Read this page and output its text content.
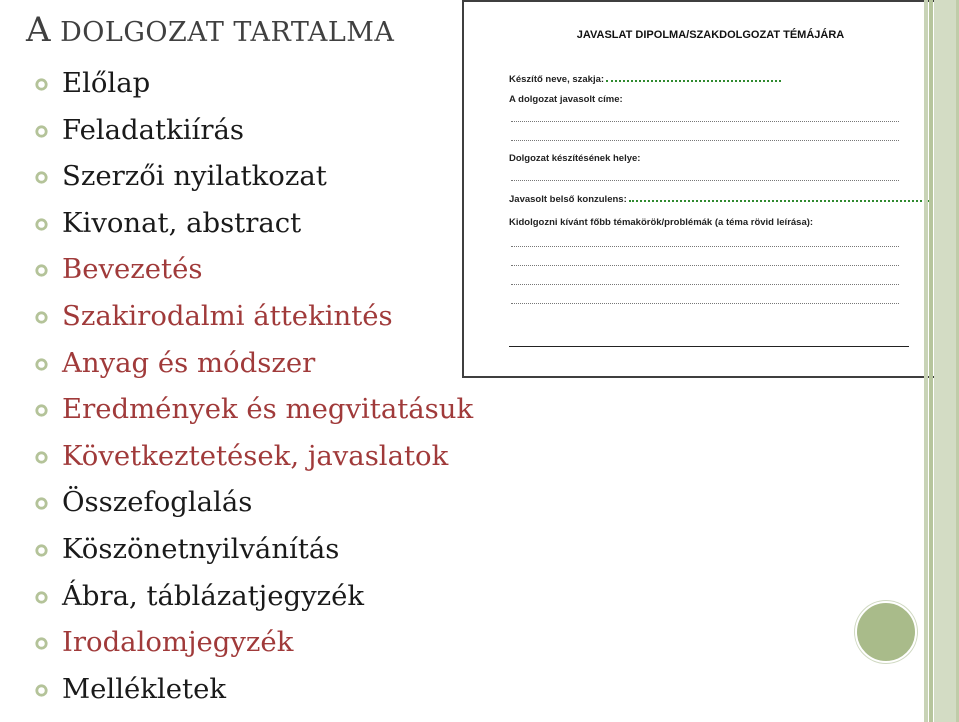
A DOLGOZAT TARTALMA
Előlap
Feladatkiírás
Szerzői nyilatkozat
Kivonat, abstract
Bevezetés
Szakirodalmi áttekintés
Anyag és módszer
Eredmények és megvitatásuk
Következtetések, javaslatok
Összefoglalás
Köszönetnyilvánítás
Ábra, táblázatjegyzék
Irodalomjegyzék
Mellékletek
JAVASLAT DIPOLMA/SZAKDOLGOZAT TÉMÁJÁRA
Készítő neve, szakja:
A dolgozat javasolt címe:
Dolgozat készítésének helye:
Javasolt belső konzulens:
Kidolgozni kívánt főbb témakörök/problémák (a téma rövid leírása):
